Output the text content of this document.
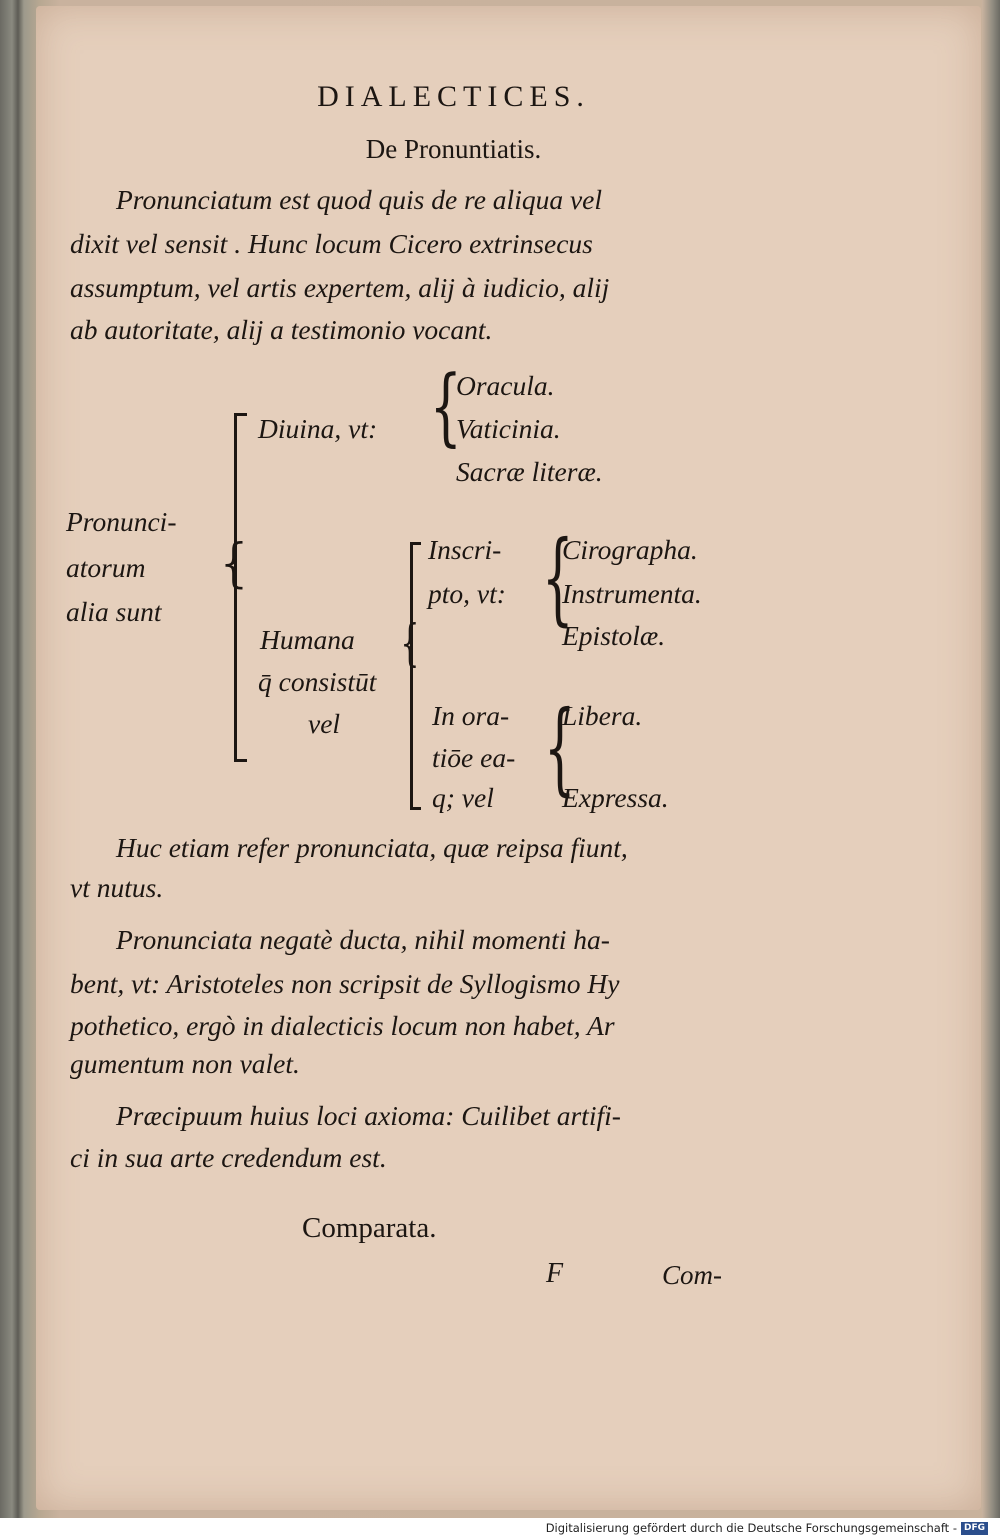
DIALECTICES.
De Pronuntiatis.
Pronunciatum est quod quis de re aliqua vel
dixit vel sensit . Hunc locum Cicero extrinsecus
assumptum, vel artis expertem, alij à iudicio, alij
ab autoritate, alij a testimonio vocant.
Pronunci-
atorum
alia sunt
{
Diuina, vt: {
Oracula.
Vaticinia.
Sacræ literæ.
Humana
q̄ consistūt
vel
{
Inscri-
pto, vt: {
Cirographa.
Instrumenta.
Epistolæ.
In ora-
tiōe ea-
q; vel {
Libera.
Expressa.
Huc etiam refer pronunciata, quæ reipsa fiunt,
vt nutus.
Pronunciata negatè ducta, nihil momenti ha-
bent, vt: Aristoteles non scripsit de Syllogismo Hy
pothetico, ergò in dialecticis locum non habet, Ar
gumentum non valet.
Præcipuum huius loci axioma: Cuilibet artifi-
ci in sua arte credendum est.
Comparata.
F	Com-
Digitalisierung gefördert durch die Deutsche Forschungsgemeinschaft - DFG
